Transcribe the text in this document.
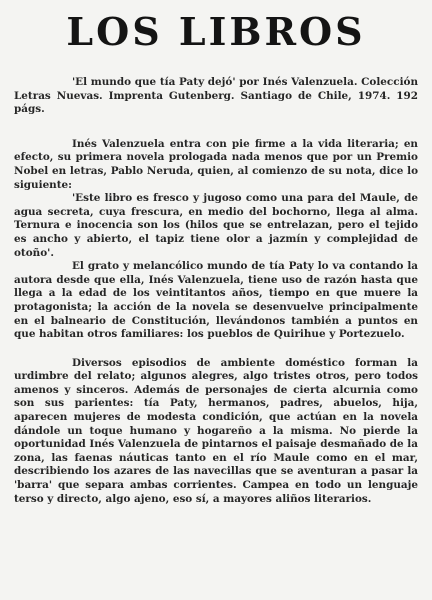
LOS LIBROS

'El mundo que tía Paty dejó' por Inés Valenzuela. Colección Letras Nuevas. Imprenta Gutenberg. Santiago de Chile, 1974. 192 págs.

Inés Valenzuela entra con pie firme a la vida literaria; en efecto, su primera novela prologada nada menos que por un Premio Nobel en letras, Pablo Neruda, quien, al comienzo de su nota, dice lo siguiente:

'Este libro es fresco y jugoso como una para del Maule, de agua secreta, cuya frescura, en medio del bochorno, llega al alma. Ternura e inocencia son los (hilos que se entrelazan, pero el tejido es ancho y abierto, el tapiz tiene olor a jazmín y complejidad de otoño'.

El grato y melancólico mundo de tía Paty lo va contando la autora desde que ella, Inés Valenzuela, tiene uso de razón hasta que llega a la edad de los veintitantos años, tiempo en que muere la protagonista; la acción de la novela se desenvuelve principalmente en el balneario de Constitución, llevándonos también a puntos en que habitan otros familiares: los pueblos de Quirihue y Portezuelo.

Diversos episodios de ambiente doméstico forman la urdimbre del relato; algunos alegres, algo tristes otros, pero todos amenos y sinceros. Además de personajes de cierta alcurnia como son sus parientes: tía Paty, hermanos, padres, abuelos, hija, aparecen mujeres de modesta condición, que actúan en la novela dándole un toque humano y hogareño a la misma. No pierde la oportunidad Inés Valenzuela de pintarnos el paisaje desmañado de la zona, las faenas náuticas tanto en el río Maule como en el mar, describiendo los azares de las navecillas que se aventuran a pasar la 'barra' que separa ambas corrientes. Campea en todo un lenguaje terso y directo, algo ajeno, eso sí, a mayores aliños literarios.
